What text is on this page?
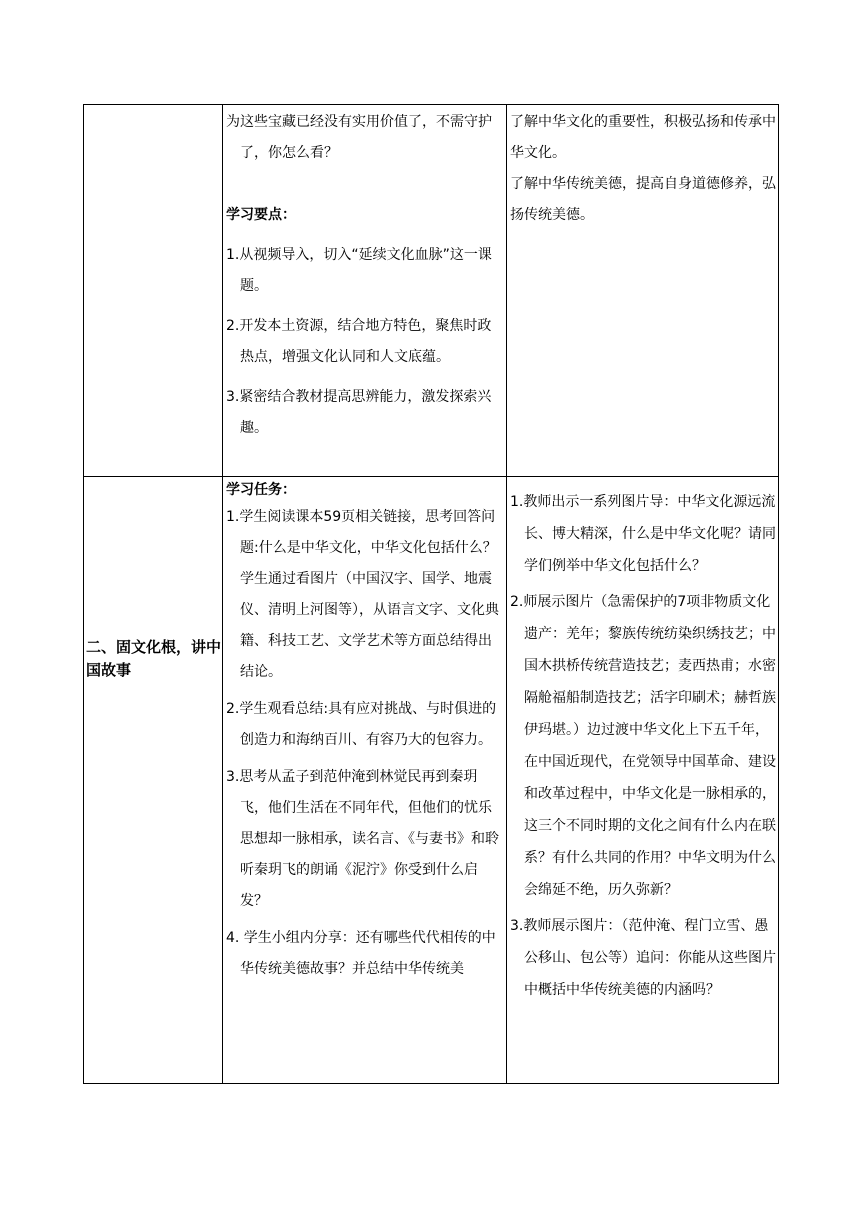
为这些宝藏已经没有实用价值了，不需守护了，你怎么看？

学习要点：

1.从视频导入，切入“延续文化血脉”这一课题。

2.开发本土资源，结合地方特色，聚焦时政热点，增强文化认同和人文底蕴。

3.紧密结合教材提高思辨能力，激发探索兴趣。

了解中华文化的重要性，积极弘扬和传承中华文化。

了解中华传统美德，提高自身道德修养，弘扬传统美德。

二、固文化根，讲中国故事

学习任务：

1.学生阅读课本59页相关链接，思考回答问题:什么是中华文化，中华文化包括什么？学生通过看图片（中国汉字、国学、地震仪、清明上河图等），从语言文字、文化典籍、科技工艺、文学艺术等方面总结得出结论。

2.学生观看总结:具有应对挑战、与时俱进的创造力和海纳百川、有容乃大的包容力。

3.思考从孟子到范仲淹到林觉民再到秦玥飞，他们生活在不同年代，但他们的忧乐思想却一脉相承，读名言、《与妻书》和聆听秦玥飞的朗诵《泥泞》你受到什么启发？

4. 学生小组内分享：还有哪些代代相传的中华传统美德故事？并总结中华传统美

1.教师出示一系列图片导：中华文化源远流长、博大精深，什么是中华文化呢？请同学们例举中华文化包括什么？

2.师展示图片（急需保护的7项非物质文化遗产：羌年；黎族传统纺染织绣技艺；中国木拱桥传统营造技艺；麦西热甫；水密隔舱福船制造技艺；活字印刷术；赫哲族伊玛堪。）边过渡中华文化上下五千年，在中国近现代，在党领导中国革命、建设 和改革过程中，中华文化是一脉相承的，这三个不同时期的文化之间有什么内在联系？有什么共同的作用？中华文明为什么会绵延不绝，历久弥新？

3.教师展示图片：（范仲淹、程门立雪、愚公移山、包公等）追问：你能从这些图片中概括中华传统美德的内涵吗？
